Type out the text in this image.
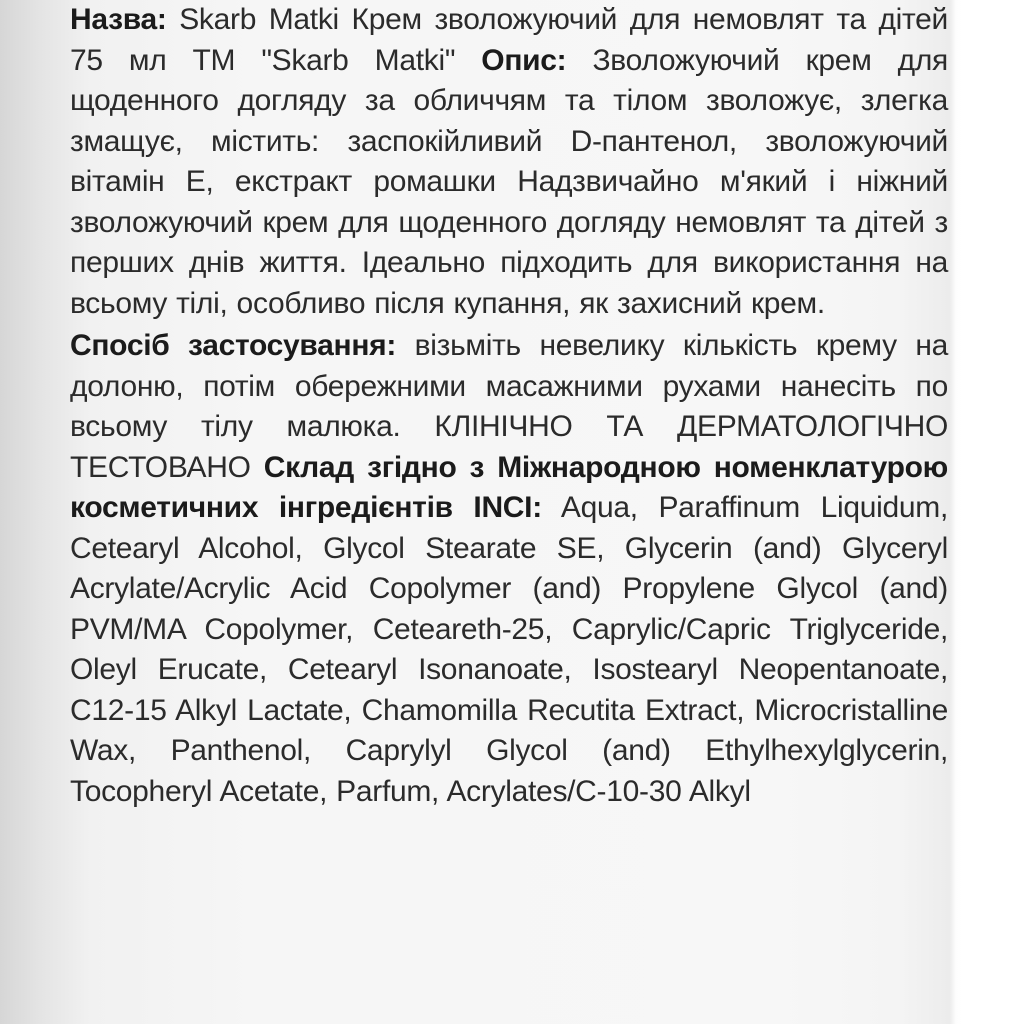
Назва: Skarb Matki Крем зволожуючий для немовлят та дітей 75 мл ТМ "Skarb Matki" Опис: Зволожуючий крем для щоденного догляду за обличчям та тілом зволожує, злегка змащує, містить: заспокійливий D-пантенол, зволожуючий вітамін Е, екстракт ромашки Надзвичайно м'який і ніжний зволожуючий крем для щоденного догляду немовлят та дітей з перших днів життя. Ідеально підходить для використання на всьому тілі, особливо після купання, як захисний крем.

Спосіб застосування: візьміть невелику кількість крему на долоню, потім обережними масажними рухами нанесіть по всьому тілу малюка. КЛІНІЧНО ТА ДЕРМАТОЛОГІЧНО ТЕСТОВАНО Склад згідно з Міжнародною номенклатурою косметичних інгредієнтів INCI: Aqua, Paraffinum Liquidum, Cetearyl Alcohol, Glycol Stearate SE, Glycerin (and) Glyceryl Acrylate/Acrylic Acid Copolymer (and) Propylene Glycol (and) PVM/MA Copolymer, Ceteareth-25, Caprylic/Capric Triglyceride, Oleyl Erucate, Cetearyl Isonanoate, Isostearyl Neopentanoate, C12-15 Alkyl Lactate, Chamomilla Recutita Extract, Microcristalline Wax, Panthenol, Caprylyl Glycol (and) Ethylhexylglycerin, Tocopheryl Acetate, Parfum, Acrylates/C-10-30 Alkyl
